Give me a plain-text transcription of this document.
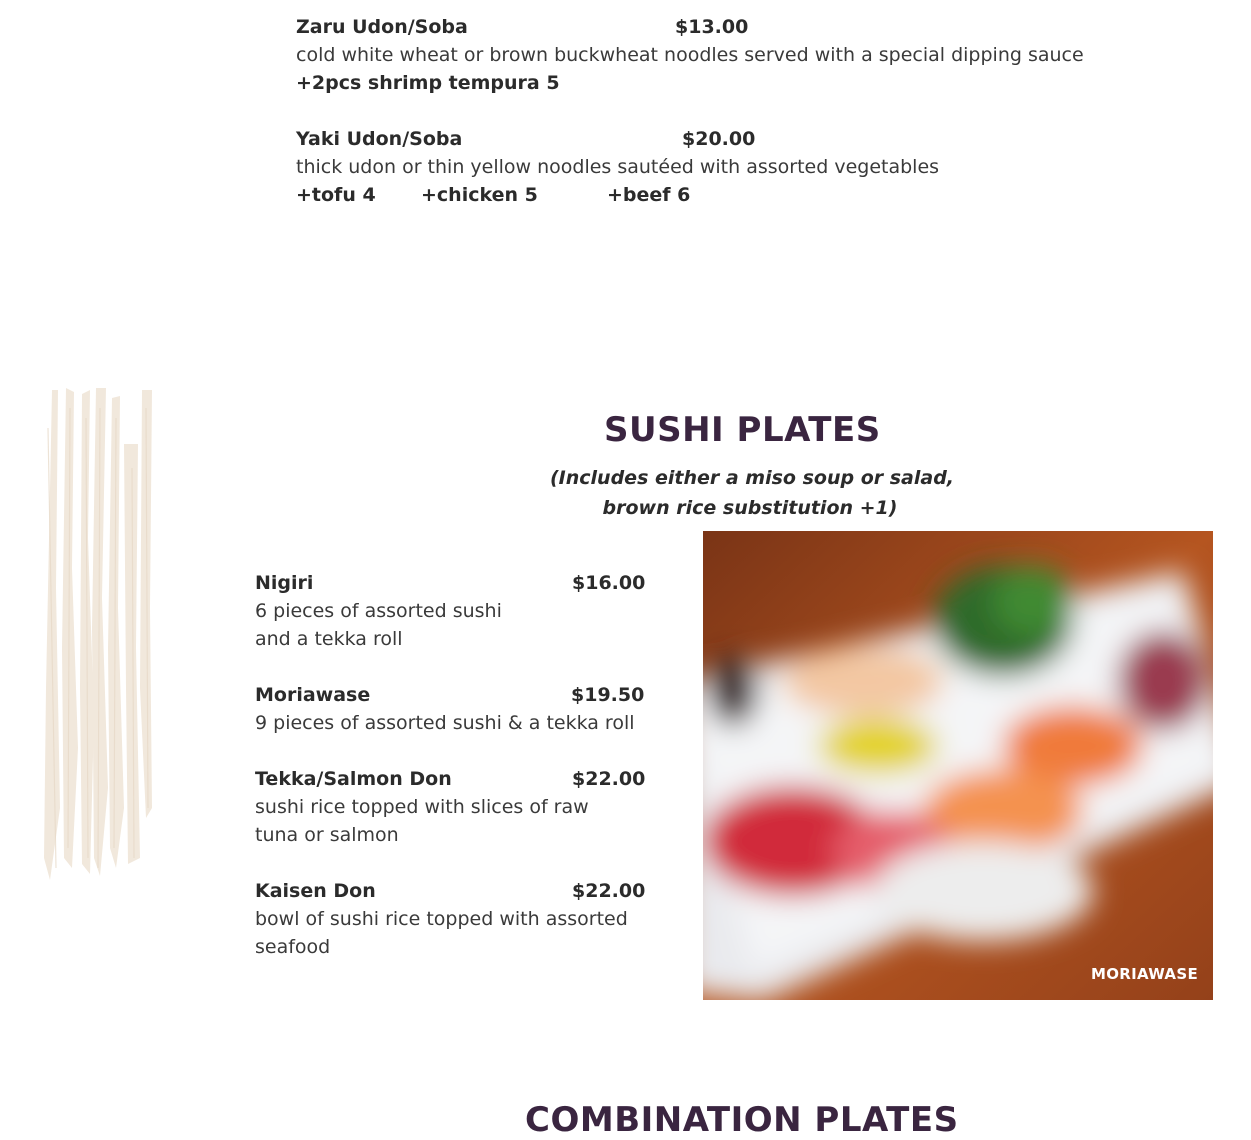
Zaru Udon/Soba	$13.00
cold white wheat or brown buckwheat noodles served with a special dipping sauce
+2pcs shrimp tempura 5
Yaki Udon/Soba	$20.00
thick udon or thin yellow noodles sautéed with assorted vegetables
+tofu 4 +chicken 5	+beef 6
SUSHI PLATES
(Includes either a miso soup or salad,
brown rice substitution +1)
Nigiri	$16.00
6 pieces of assorted sushi
and a tekka roll
Moriawase	$19.50
9 pieces of assorted sushi & a tekka roll
Tekka/Salmon Don	$22.00
sushi rice topped with slices of raw
tuna or salmon
Kaisen Don	$22.00
bowl of sushi rice topped with assorted
seafood
MORIAWASE
COMBINATION PLATES
